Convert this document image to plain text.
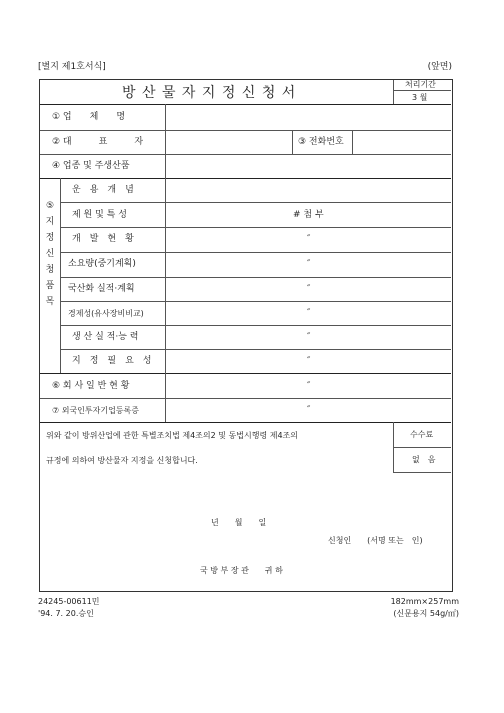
[별지 제1호서식]	(앞면)
방 산 물 자 지 정 신 청 서
처리기간
3 월
① 업　　체　　명
② 대　　　표　　　자	③ 전화번호
④ 업종 및 주생산품
⑤ 지 정 신 청 품 목
운　용　개　념
제 원 및 특 성	# 첨 부
개　발　현　황	″
소요량(중기계획)	″
국산화 실적·계획	″
경제성(유사장비비교)	″
생 산 실 적·능 력	″
지　정　필　요　성	″
⑥ 회 사 일 반 현 황	″
⑦ 외국인투자기업등록증	″
위와 같이 방위산업에 관한 특별조치법 제4조의2 및 동법시행령 제4조의
규정에 의하여 방산물자 지정을 신청합니다.
수수료
없　음
년　　월　　일
신청인　　(서명 또는　인)
국 방 부 장 관　　귀 하
24245-00611민
'94. 7. 20.승인
182mm×257mm
(신문용지 54g/㎡)
